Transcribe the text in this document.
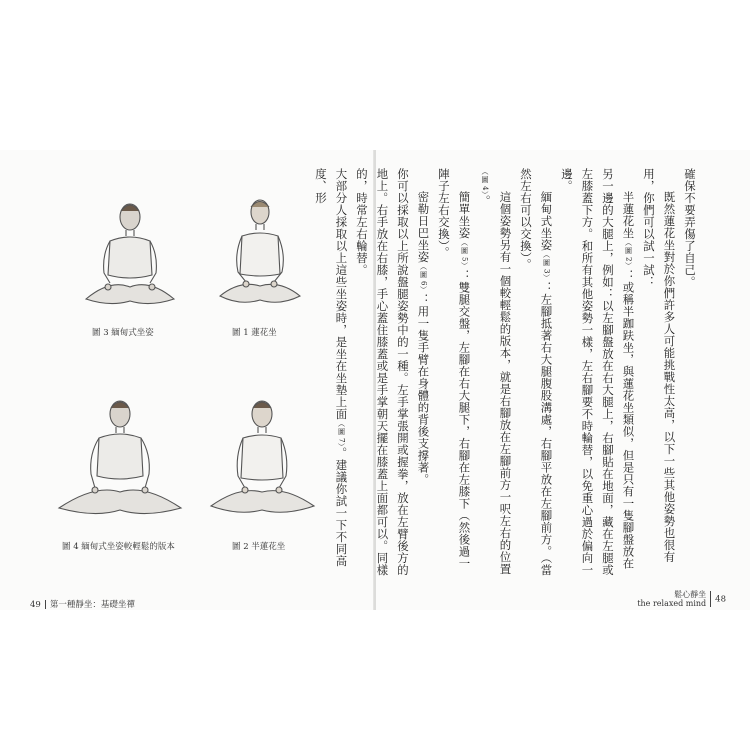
圖 3 緬甸式坐姿	圖 1 蓮花坐
圖 4 緬甸式坐姿較輕鬆的版本	圖 2 半蓮花坐
49 第一種靜坐：基礎坐禪

確保不要弄傷了自己。

既然蓮花坐對於你們許多人可能挑戰性太高，以下一些其他姿勢也很有用，你們可以試一試：

半蓮花坐（圖 2）：或稱半跏趺坐，與蓮花坐類似，但是只有一隻腳盤放在另一邊的大腿上，例如：以左腳盤放在右大腿上，右腳貼在地面，藏在左腿或左膝蓋下方。和所有其他姿勢一樣，左右腳要不時輪替，以免重心過於偏向一邊。

緬甸式坐姿（圖 3）：左腳抵著右大腿腹股溝處，右腳平放在左腳前方。（當然左右可以交換）。

這個姿勢另有一個較輕鬆的版本，就是右腳放在左腳前方一呎左右的位置（圖 4）。

簡單坐姿（圖 5）：雙腿交盤，左腳在右大腿下，右腳在左膝下（然後過一陣子左右交換）。

密勒日巴坐姿（圖 6）：用一隻手臂在身體的背後支撐著。

你可以採取以上所說盤腿姿勢中的一種。左手掌張開或握拳，放在左臂後方的地上。右手放在右膝，手心蓋住膝蓋或是手掌朝天擺在膝蓋上面都可以。同樣的，時常左右輪替。

大部分人採取以上這些坐姿時，是坐在坐墊上面（圖 7）。建議你試一下不同高度、形

鬆心靜坐
the relaxed mind 48
